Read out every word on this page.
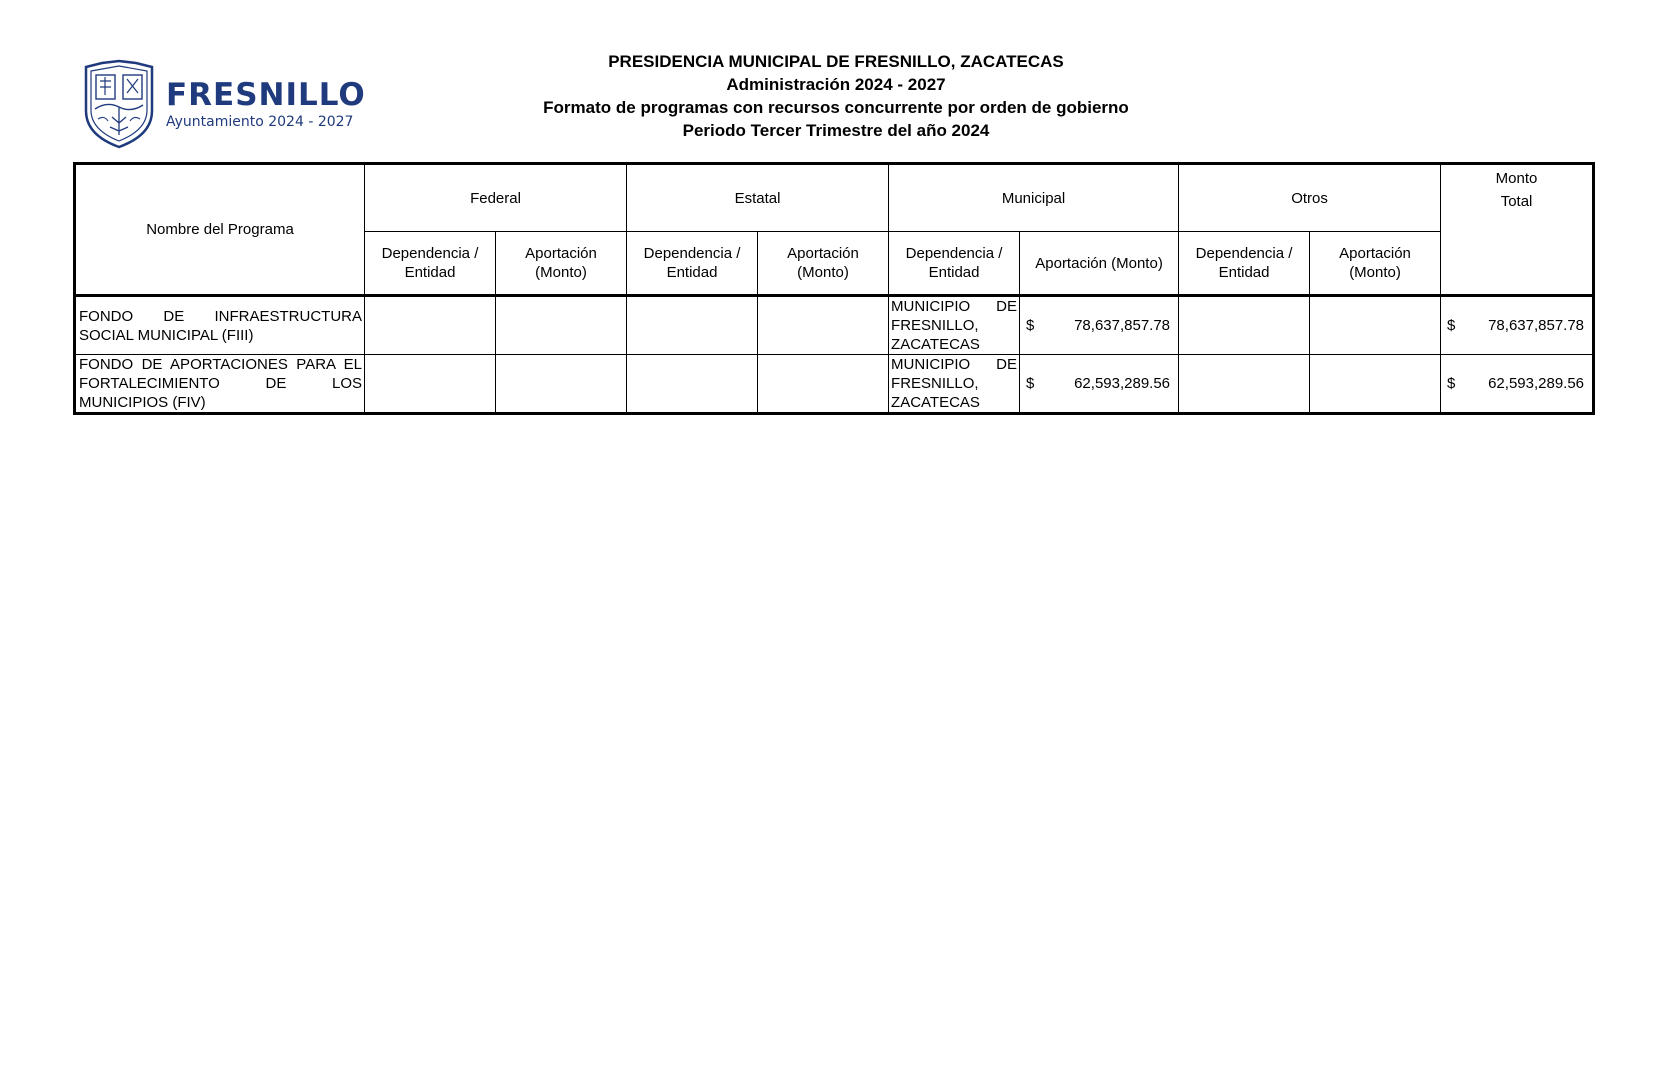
FRESNILLO
Ayuntamiento 2024 - 2027
PRESIDENCIA MUNICIPAL DE FRESNILLO, ZACATECAS
Administración 2024 - 2027
Formato de programas con recursos concurrente por orden de gobierno
Periodo Tercer Trimestre del año 2024
Nombre del Programa	Federal		Estatal		Municipal		Otros		Monto
Total

	Dependencia / Entidad	Aportación (Monto)	Dependencia / Entidad	Aportación (Monto)	Dependencia / Entidad	Aportación (Monto)	Dependencia / Entidad	Aportación (Monto)	
FONDO DE INFRAESTRUCTURA SOCIAL MUNICIPAL (FIII)					MUNICIPIO DE FRESNILLO, ZACATECAS	$ 78,637,857.78			$ 78,637,857.78

FONDO DE APORTACIONES PARA EL FORTALECIMIENTO DE LOS MUNICIPIOS (FIV)					MUNICIPIO DE FRESNILLO, ZACATECAS	$ 62,593,289.56			$ 62,593,289.56
